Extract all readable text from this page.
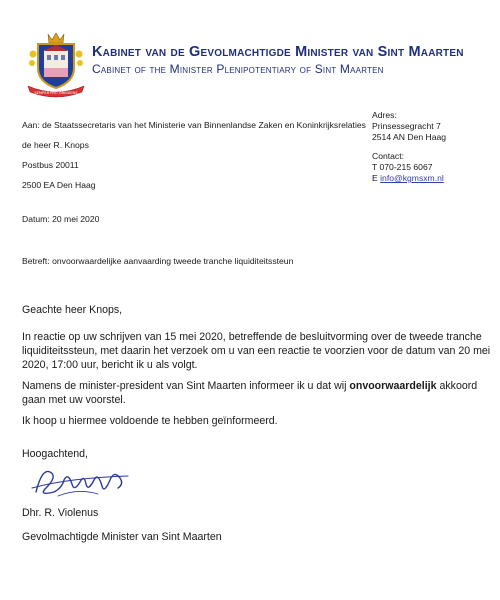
SEMPER PRO GREDIENS
Kabinet van de Gevolmachtigde Minister van Sint Maarten
Cabinet of the Minister Plenipotentiary of Sint Maarten
Aan: de Staatssecretaris van het Ministerie van Binnenlandse Zaken en Koninkrijksrelaties
de heer R. Knops
Postbus 20011
2500 EA Den Haag
Adres:
Prinsessegracht 7
2514 AN Den Haag
Contact:
T 070-215 6067
E info@kgmsxm.nl
Datum: 20 mei 2020
Betreft: onvoorwaardelijke aanvaarding tweede tranche liquiditeitssteun
Geachte heer Knops,
In reactie op uw schrijven van 15 mei 2020, betreffende de besluitvorming over de tweede tranche liquiditeitssteun, met daarin het verzoek om u van een reactie te voorzien voor de datum van 20 mei 2020, 17:00 uur, bericht ik u als volgt.
Namens de minister-president van Sint Maarten informeer ik u dat wij onvoorwaardelijk akkoord gaan met uw voorstel.
Ik hoop u hiermee voldoende te hebben geïnformeerd.
Hoogachtend,
Dhr. R. Violenus
Gevolmachtigde Minister van Sint Maarten
